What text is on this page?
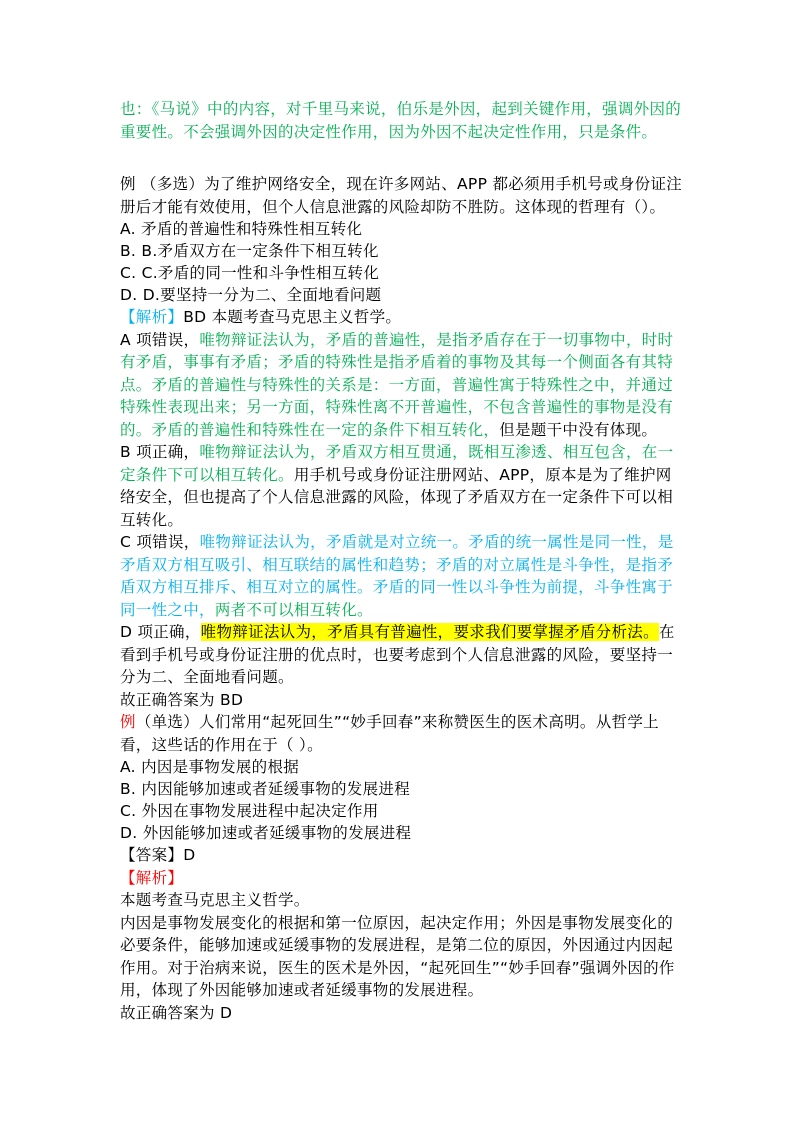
也：《马说》中的内容，对千里马来说，伯乐是外因，起到关键作用，强调外因的重要性。不会强调外因的决定性作用，因为外因不起决定性作用，只是条件。

例 （多选）为了维护网络安全，现在许多网站、APP 都必须用手机号或身份证注册后才能有效使用，但个人信息泄露的风险却防不胜防。这体现的哲理有（）。

A. 矛盾的普遍性和特殊性相互转化

B. B.矛盾双方在一定条件下相互转化

C. C.矛盾的同一性和斗争性相互转化

D. D.要坚持一分为二、全面地看问题

【解析】BD 本题考查马克思主义哲学。

A 项错误，唯物辩证法认为，矛盾的普遍性，是指矛盾存在于一切事物中，时时有矛盾，事事有矛盾；矛盾的特殊性是指矛盾着的事物及其每一个侧面各有其特点。矛盾的普遍性与特殊性的关系是：一方面，普遍性寓于特殊性之中，并通过特殊性表现出来；另一方面，特殊性离不开普遍性，不包含普遍性的事物是没有的。矛盾的普遍性和特殊性在一定的条件下相互转化，但是题干中没有体现。

B 项正确，唯物辩证法认为，矛盾双方相互贯通，既相互渗透、相互包含，在一定条件下可以相互转化。用手机号或身份证注册网站、APP，原本是为了维护网络安全，但也提高了个人信息泄露的风险，体现了矛盾双方在一定条件下可以相互转化。

C 项错误，唯物辩证法认为，矛盾就是对立统一。矛盾的统一属性是同一性，是矛盾双方相互吸引、相互联结的属性和趋势；矛盾的对立属性是斗争性，是指矛盾双方相互排斥、相互对立的属性。矛盾的同一性以斗争性为前提，斗争性寓于同一性之中，两者不可以相互转化。

D 项正确，唯物辩证法认为，矛盾具有普遍性，要求我们要掌握矛盾分析法。在看到手机号或身份证注册的优点时，也要考虑到个人信息泄露的风险，要坚持一分为二、全面地看问题。

故正确答案为 BD

例（单选）人们常用“起死回生”“妙手回春”来称赞医生的医术高明。从哲学上看，这些话的作用在于（ ）。

A. 内因是事物发展的根据

B. 内因能够加速或者延缓事物的发展进程

C. 外因在事物发展进程中起决定作用

D. 外因能够加速或者延缓事物的发展进程

【答案】D

【解析】

本题考查马克思主义哲学。

内因是事物发展变化的根据和第一位原因，起决定作用；外因是事物发展变化的必要条件，能够加速或延缓事物的发展进程，是第二位的原因，外因通过内因起作用。对于治病来说，医生的医术是外因，“起死回生”“妙手回春”强调外因的作用，体现了外因能够加速或者延缓事物的发展进程。

故正确答案为 D
